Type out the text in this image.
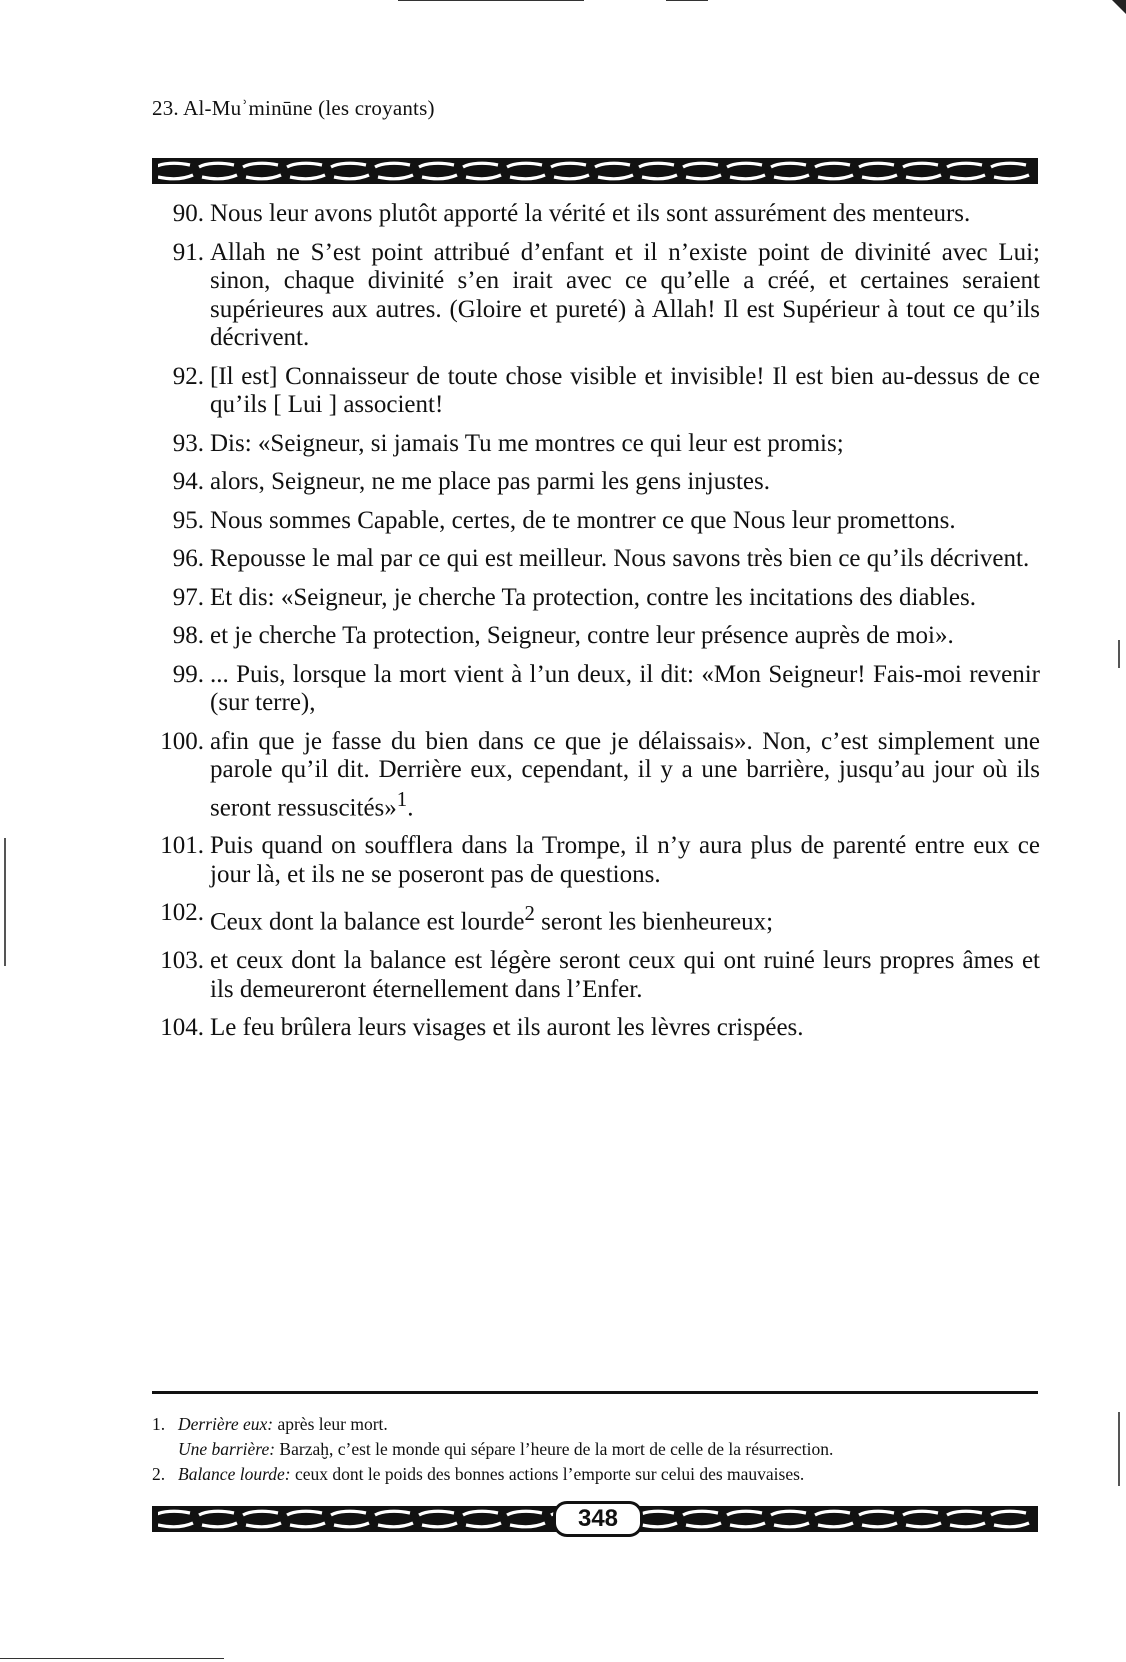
23. Al-Muʾminūne (les croyants)
90. Nous leur avons plutôt apporté la vérité et ils sont assurément des menteurs.
91. Allah ne S’est point attribué d’enfant et il n’existe point de divinité avec Lui; sinon, chaque divinité s’en irait avec ce qu’elle a créé, et certaines seraient supérieures aux autres. (Gloire et pureté) à Allah! Il est Supérieur à tout ce qu’ils décrivent.
92. [Il est] Connaisseur de toute chose visible et invisible! Il est bien au-dessus de ce qu’ils [ Lui ] associent!
93. Dis: «Seigneur, si jamais Tu me montres ce qui leur est promis;
94. alors, Seigneur, ne me place pas parmi les gens injustes.
95. Nous sommes Capable, certes, de te montrer ce que Nous leur promettons.
96. Repousse le mal par ce qui est meilleur. Nous savons très bien ce qu’ils décrivent.
97. Et dis: «Seigneur, je cherche Ta protection, contre les incitations des diables.
98. et je cherche Ta protection, Seigneur, contre leur présence auprès de moi».
99. ... Puis, lorsque la mort vient à l’un deux, il dit: «Mon Seigneur! Fais-moi revenir (sur terre),
100. afin que je fasse du bien dans ce que je délaissais». Non, c’est simplement une parole qu’il dit. Derrière eux, cependant, il y a une barrière, jusqu’au jour où ils seront ressuscités»$^1$.
101. Puis quand on soufflera dans la Trompe, il n’y aura plus de parenté entre eux ce jour là, et ils ne se poseront pas de questions.
102. Ceux dont la balance est lourde$^2$ seront les bienheureux;
103. et ceux dont la balance est légère seront ceux qui ont ruiné leurs propres âmes et ils demeureront éternellement dans l’Enfer.
104. Le feu brûlera leurs visages et ils auront les lèvres crispées.
1. Derrière eux: après leur mort.
Une barrière: Barzaḫ, c’est le monde qui sépare l’heure de la mort de celle de la résurrection.
2. Balance lourde: ceux dont le poids des bonnes actions l’emporte sur celui des mauvaises.
348
